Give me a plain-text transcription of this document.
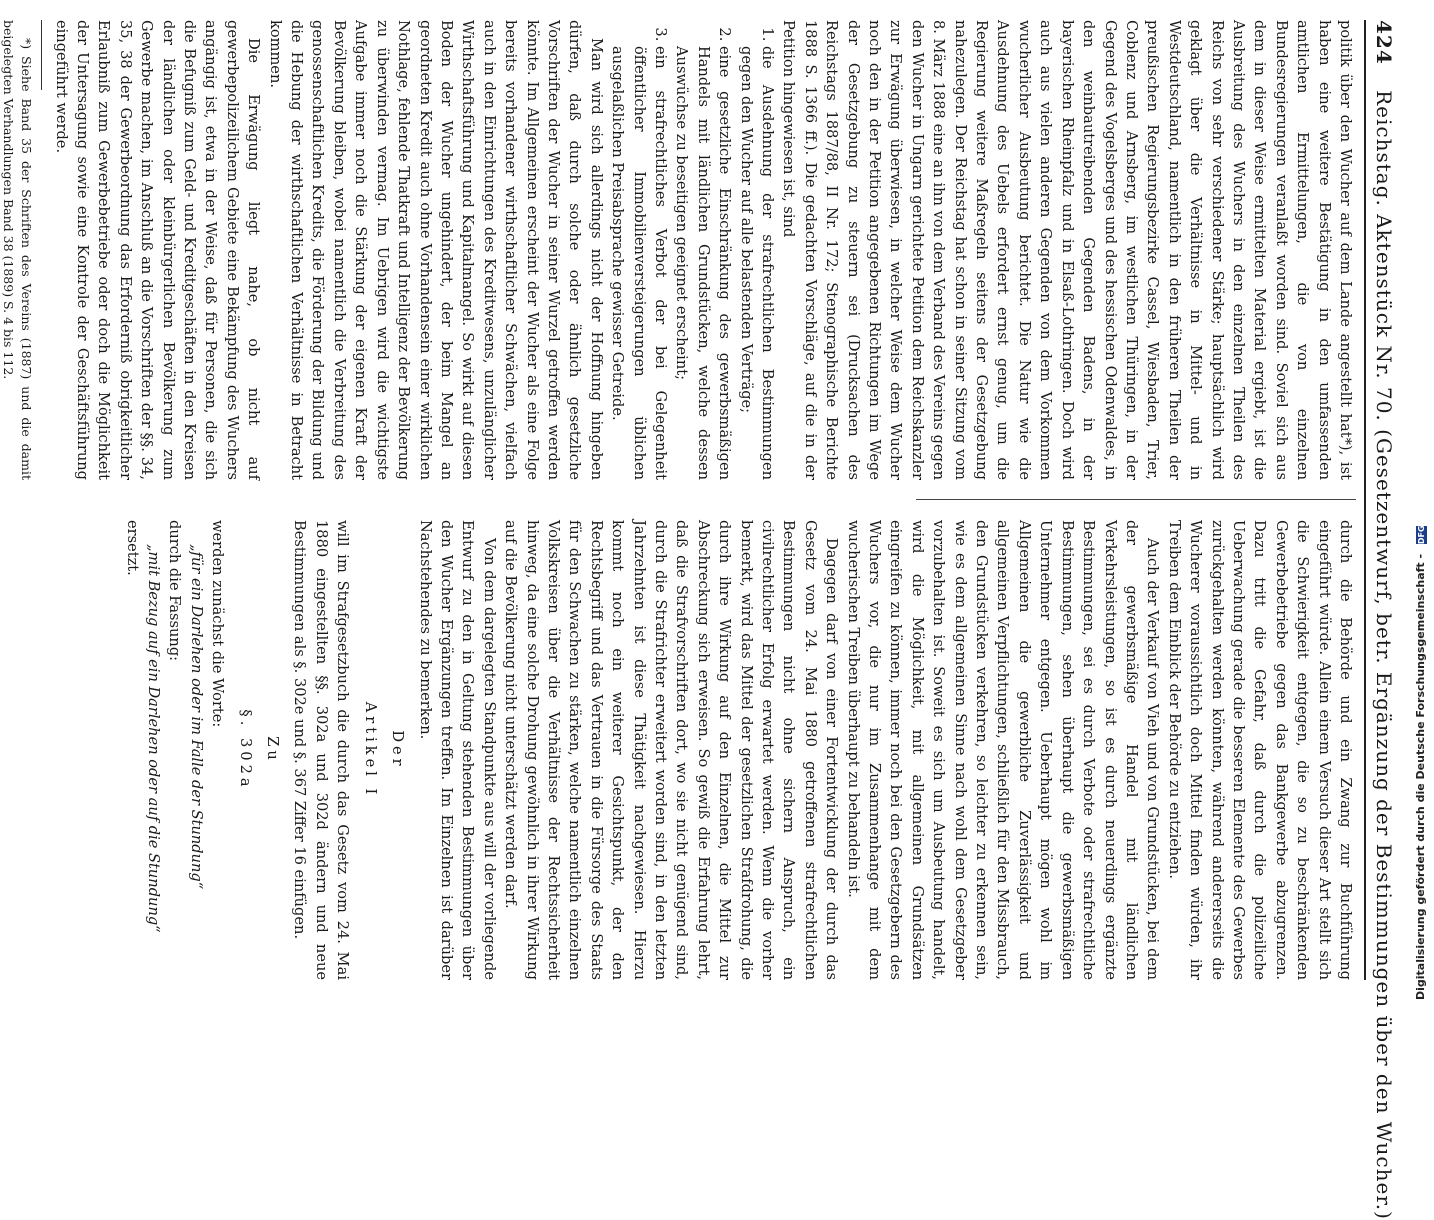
424 Reichstag. Aktenstück Nr. 70. (Gesetzentwurf, betr. Ergänzung der Bestimmungen über den Wucher.)

politik über den Wucher auf dem Lande angestellt hat*), ist haben eine weitere Bestätigung in den umfassenden amtlichen Ermittelungen, die von einzelnen Bundesregierungen veranlaßt worden sind. Soviel sich aus dem in dieser Weise ermittelten Material ergiebt, ist die Ausbreitung des Wuchers in den einzelnen Theilen des Reichs von sehr verschiedener Stärke; hauptsächlich wird geklagt über die Verhältnisse in Mittel- und in Westdeutschland, namentlich in den früheren Theilen der preußischen Regierungsbezirke Cassel, Wiesbaden, Trier, Coblenz und Arnsberg, im westlichen Thüringen, in der Gegend des Vogelsberges und des hessischen Odenwaldes, in den weinbautreibenden Gegenden Badens, in der bayerischen Rheinpfalz und in Elsaß-Lothringen. Doch wird auch aus vielen anderen Gegenden von dem Vorkommen wucherlicher Ausbeutung berichtet. Die Natur wie die Ausdehnung des Uebels erfordert ernst genug, um die Regierung weitere Maßregeln seitens der Gesetzgebung nahezulegen. Der Reichstag hat schon in seiner Sitzung vom 8. März 1888 eine an ihn von dem Verband des Vereins gegen den Wucher in Ungarn gerichtete Petition dem Reichskanzler zur Erwägung überwiesen, in welcher Weise dem Wucher noch den in der Petition angegebenen Richtungen im Wege der Gesetzgebung zu steuern sei (Drucksachen des Reichstags 1887/88, II Nr. 172; Stenographische Berichte 1888 S. 1366 ff.). Die gedachten Vorschläge, auf die in der Petition hingewiesen ist, sind

1. die Ausdehnung der strafrechtlichen Bestimmungen gegen den Wucher auf alle belastenden Verträge;
2. eine gesetzliche Einschränkung des gewerbsmäßigen Handels mit ländlichen Grundstücken, welche dessen Auswüchse zu beseitigen geeignet erscheint;
3. ein strafrechtliches Verbot der bei Gelegenheit öffentlicher Immobilienversteigerungen üblichen ausgelaßlichen Preisabsprache gewisser Getreide.

Man wird sich allerdings nicht der Hoffnung hingeben dürfen, daß durch solche oder ähnlich gesetzliche Vorschriften der Wucher in seiner Wurzel getroffen werden könnte. Im Allgemeinen erscheint der Wucher als eine Folge bereits vorhandener wirthschaftlicher Schwächen, vielfach auch in den Einrichtungen des Kreditwesens, unzulänglicher Wirthschaftsführung und Kapitalmangel. So wirkt auf diesen Boden der Wucher ungehindert, der beim Mangel an geordneten Kredit auch ohne Vorhandensein einer wirklichen Nothlage, fehlende Thatkraft und Intelligenz der Bevölkerung zu überwinden vermag. Im Uebrigen wird die wichtigste Aufgabe immer noch die Stärkung der eigenen Kraft der Bevölkerung bleiben, wobei namentlich die Verbreitung des genossenschaftlichen Kredits, die Förderung der Bildung und die Hebung der wirthschaftlichen Verhältnisse in Betracht kommen.

Die Erwägung liegt nahe, ob nicht auf gewerbepolizeilichem Gebiete eine Bekämpfung des Wuchers angängig ist, etwa in der Weise, daß für Personen, die sich die Befugniß zum Geld- und Kreditgeschäften in den Kreisen der ländlichen oder kleinbürgerlichen Bevölkerung zum Gewerbe machen, im Anschluß an die Vorschriften der §§. 34, 35, 38 der Gewerbeordnung das Erforderniß obrigkeitlicher Erlaubniß zum Gewerbebetriebe oder doch die Möglichkeit der Untersagung sowie eine Kontrole der Geschäftsführung eingeführt werde.

*) Siehe Band 35 der Schriften des Vereins (1887) und die damit beigelegten Verhandlungen Band 38 (1889) S. 4 bis 112.

durch die Behörde und ein Zwang zur Buchführung eingeführt würde. Allein einem Versuch dieser Art stellt sich die Schwierigkeit entgegen, die so zu beschränkenden Gewerbebetriebe gegen das Bankgewerbe abzugrenzen. Dazu tritt die Gefahr, daß durch die polizeiliche Ueberwachung gerade die besseren Elemente des Gewerbes zurückgehalten werden könnten, während andererseits die Wucherer voraussichtlich doch Mittel finden würden, ihr Treiben dem Einblick der Behörde zu entziehen.

Auch der Verkauf von Vieh und von Grundstücken, bei dem der gewerbsmäßige Handel mit ländlichen Verkehrsleistungen, so ist es durch neuerdings ergänzte Bestimmungen, sei es durch Verbote oder strafrechtliche Bestimmungen, sehen überhaupt die gewerbsmäßigen Unternehmer entgegen. Ueberhaupt mögen wohl im Allgemeinen die gewerbliche Zuverlässigkeit und allgemeinen Verpflichtungen, schließlich für den Missbrauch, den Grundstücken verkehren, so leichter zu erkennen sein, wie es dem allgemeinen Sinne nach wohl dem Gesetzgeber vorzubehalten ist. Soweit es sich um Ausbeutung handelt, wird die Möglichkeit, mit allgemeinen Grundsätzen eingreifen zu können, immer noch bei den Gesetzgebern des Wuchers vor, die nur im Zusammenhange mit dem wucherischen Treiben überhaupt zu behandeln ist.

Dagegen darf von einer Fortentwicklung der durch das Gesetz vom 24. Mai 1880 getroffenen strafrechtlichen Bestimmungen nicht ohne sichern Anspruch, ein civilrechtlicher Erfolg erwartet werden. Wenn die vorher bemerkt, wird das Mittel der gesetzlichen Strafdrohung, die durch ihre Wirkung auf den Einzelnen, die Mittel zur Abschreckung sich erweisen. So gewiß die Erfahrung lehrt, daß die Strafvorschriften dort, wo sie nicht genügend sind, durch die Strafrichter erweitert worden sind, in den letzten Jahrzehnten ist diese Thätigkeit nachgewiesen. Hierzu kommt noch ein weiterer Gesichtspunkt, der den Rechtsbegriff und das Vertrauen in die Fürsorge des Staats für den Schwachen zu stärken, welche namentlich einzelnen Volkskreisen über die Verhältnisse der Rechtssicherheit hinweg, da eine solche Drohung gewöhnlich in ihrer Wirkung auf die Bevölkerung nicht unterschätzt werden darf.

Von dem dargelegten Standpunkte aus will der vorliegende Entwurf zu den in Geltung stehenden Bestimmungen über den Wucher Ergänzungen treffen. Im Einzelnen ist darüber Nachstehendes zu bemerken.

Der

Artikel I

will im Strafgesetzbuch die durch das Gesetz vom 24. Mai 1880 eingestellten §§. 302a und 302d ändern und neue Bestimmungen als §. 302e und §. 367 Ziffer 16 einfügen.

Zu

§. 302a

werden zunächst die Worte:

„für ein Darlehen oder im Falle der Stundung“

durch die Fassung:

„mit Bezug auf ein Darlehen oder auf die Stundung“

ersetzt.

Digitalisierung gefördert durch die Deutsche Forschungsgemeinschaft - DFG
